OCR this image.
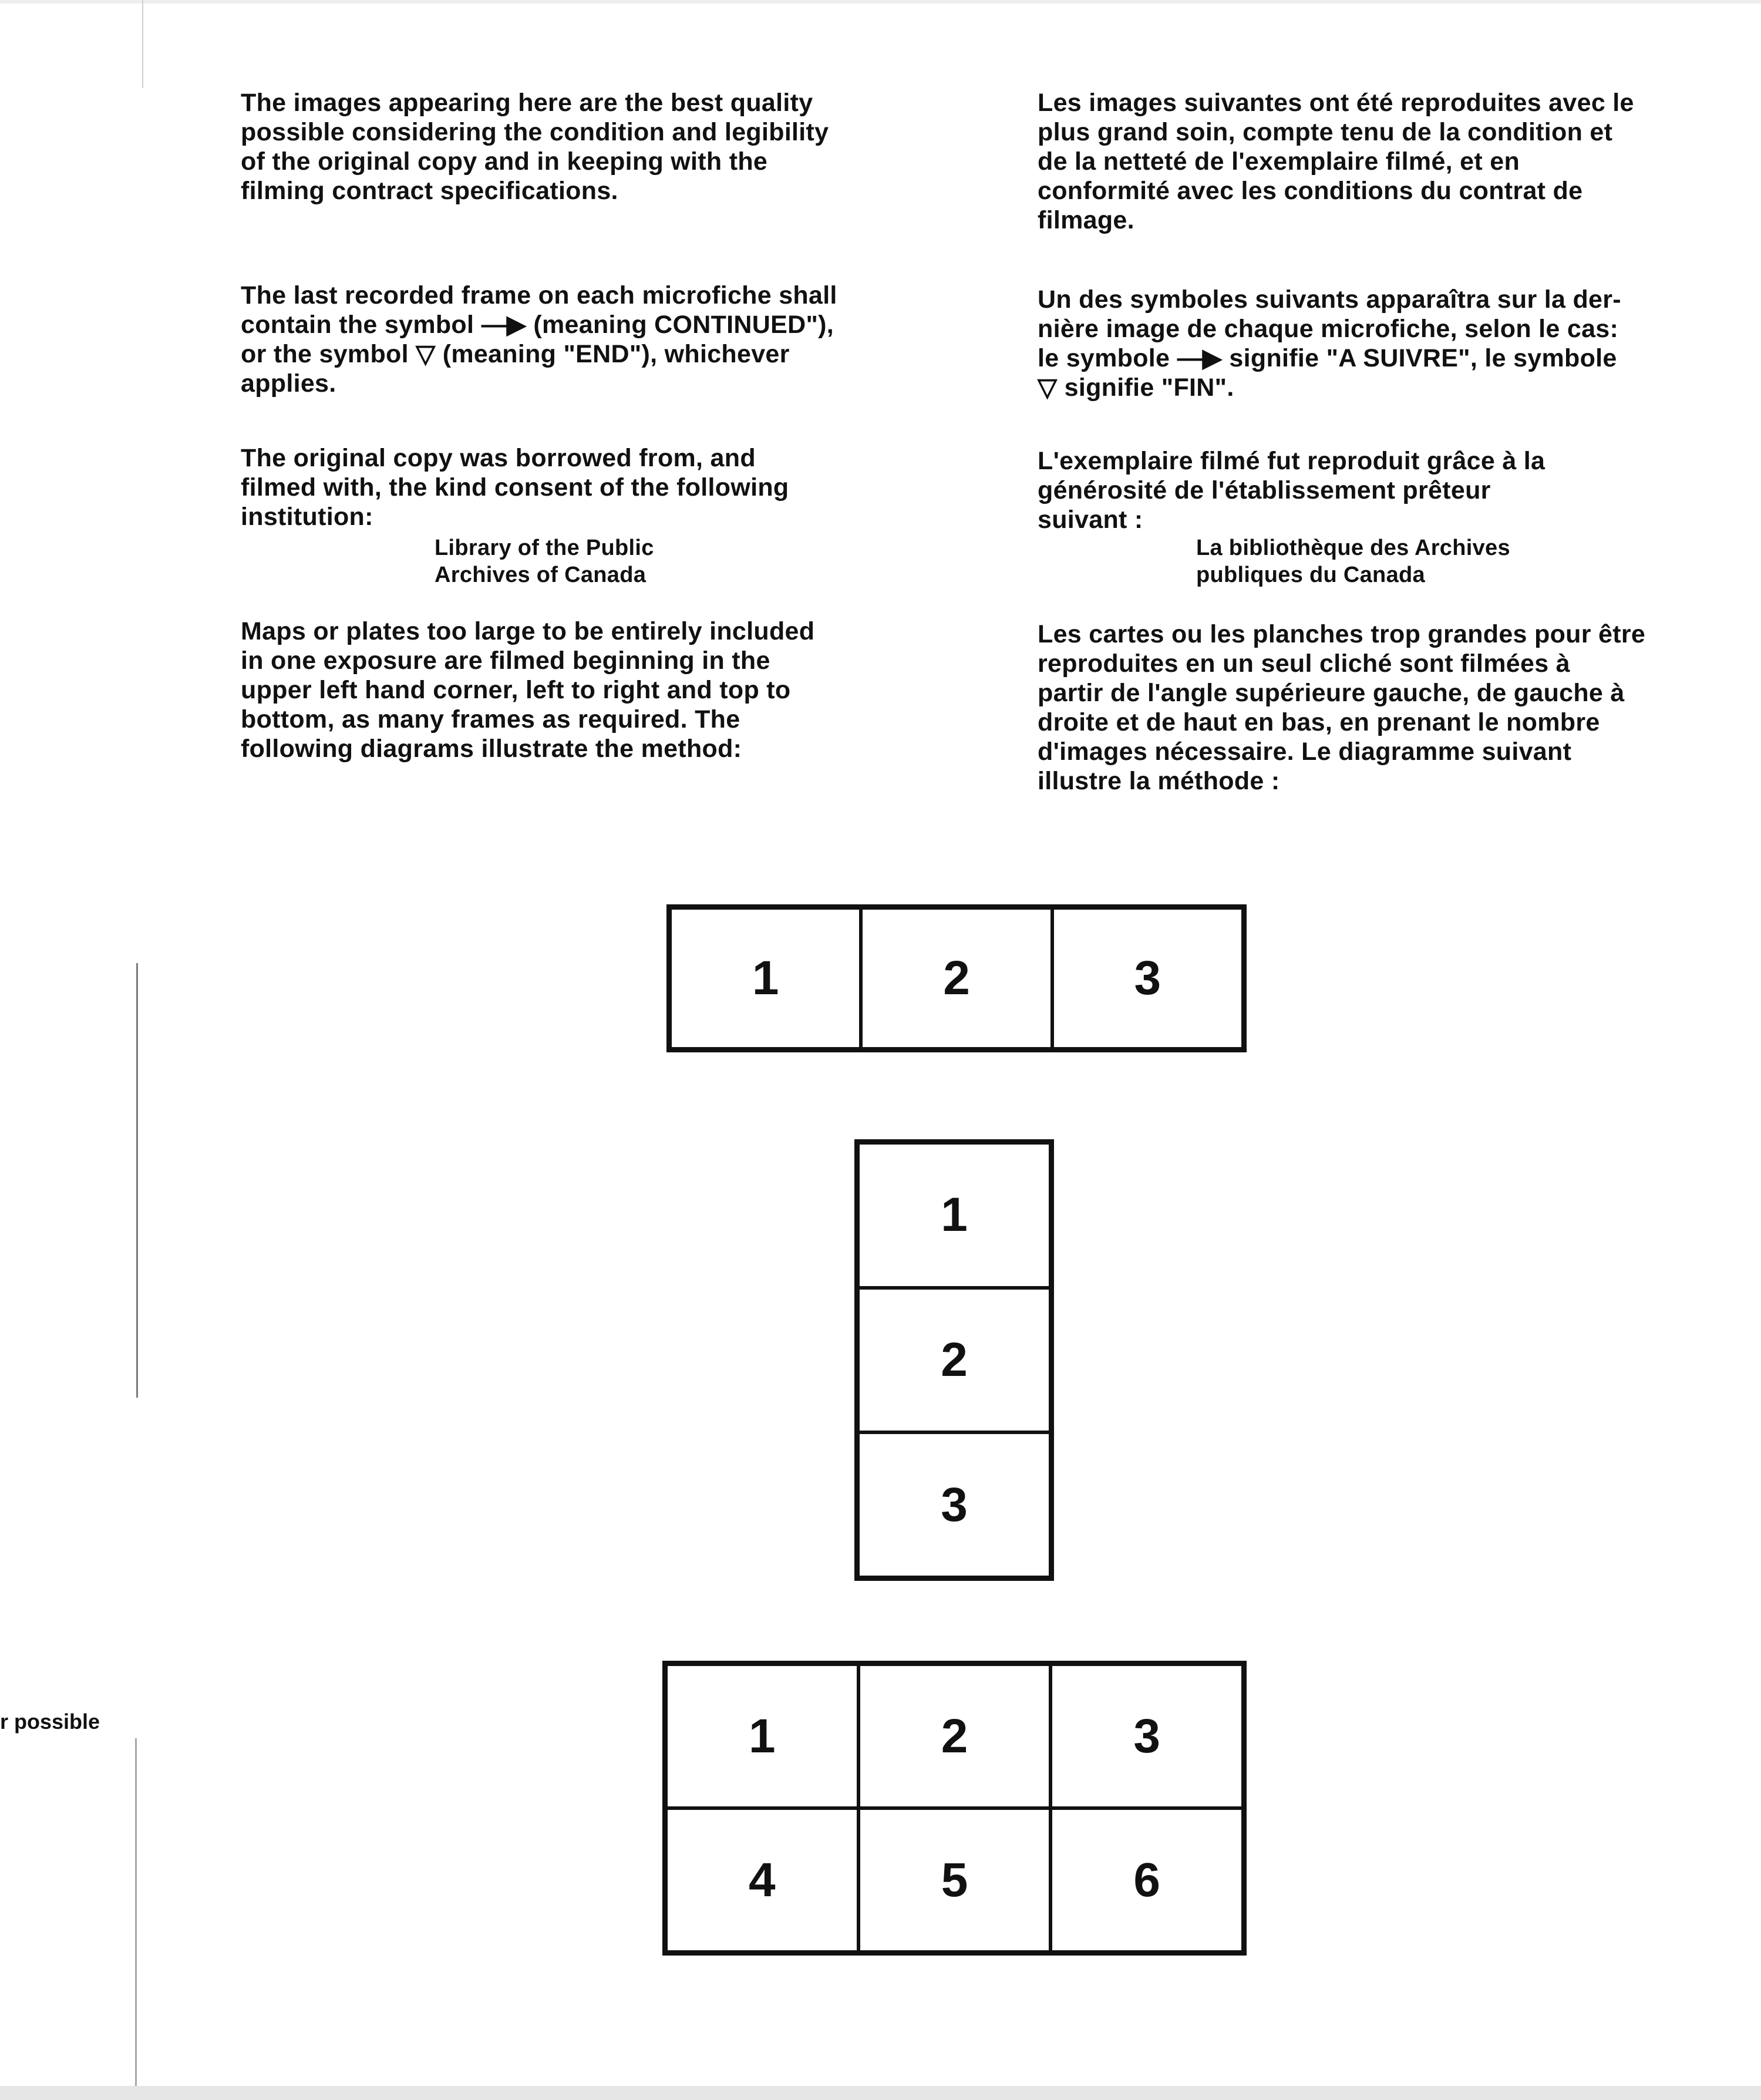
The images appearing here are the best quality
possible considering the condition and legibility
of the original copy and in keeping with the
filming contract specifications.

The last recorded frame on each microfiche shall
contain the symbol —▶ (meaning CONTINUED"),
or the symbol ▽ (meaning "END"), whichever
applies.

The original copy was borrowed from, and
filmed with, the kind consent of the following
institution:

Library of the Public
Archives of Canada

Maps or plates too large to be entirely included
in one exposure are filmed beginning in the
upper left hand corner, left to right and top to
bottom, as many frames as required. The
following diagrams illustrate the method:

Les images suivantes ont été reproduites avec le
plus grand soin, compte tenu de la condition et
de la netteté de l'exemplaire filmé, et en
conformité avec les conditions du contrat de
filmage.

Un des symboles suivants apparaîtra sur la der-
nière image de chaque microfiche, selon le cas:
le symbole —▶ signifie "A SUIVRE", le symbole
▽ signifie "FIN".

L'exemplaire filmé fut reproduit grâce à la
générosité de l'établissement prêteur
suivant :

La bibliothèque des Archives
publiques du Canada

Les cartes ou les planches trop grandes pour être
reproduites en un seul cliché sont filmées à
partir de l'angle supérieure gauche, de gauche à
droite et de haut en bas, en prenant le nombre
d'images nécessaire. Le diagramme suivant
illustre la méthode :

r possible
1	2	3
1
2
3
1	2	3
4	5	6
